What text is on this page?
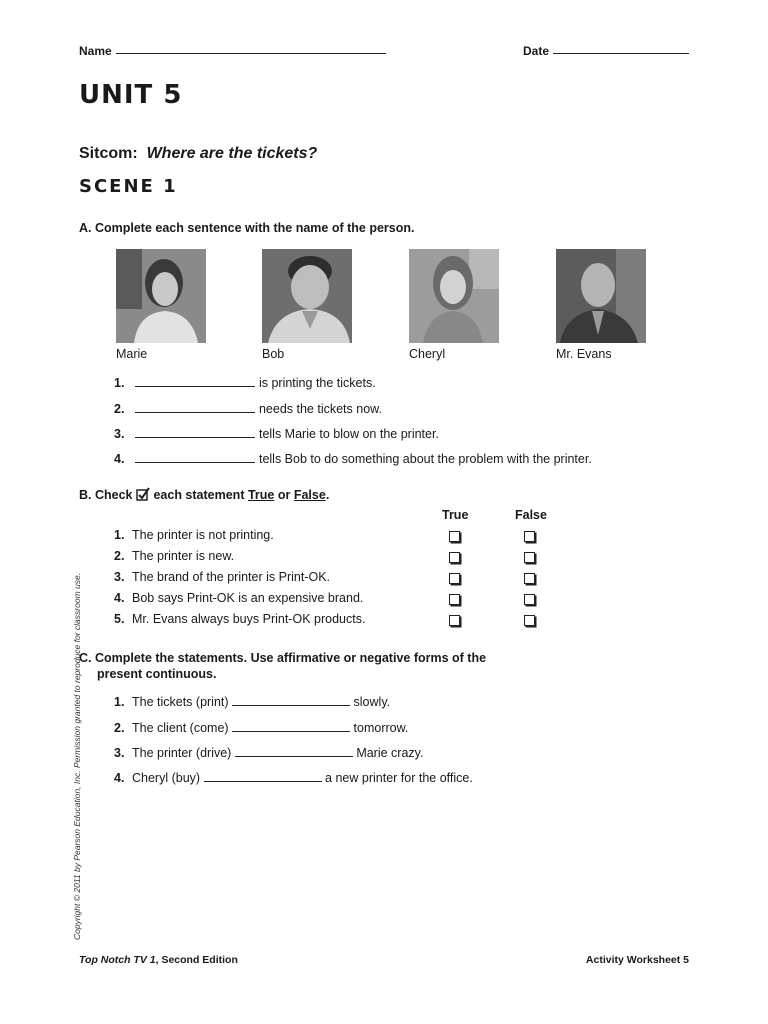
Name	Date
UNIT 5
Sitcom: Where are the tickets?
SCENE 1
A. Complete each sentence with the name of the person.
Marie	Bob	Cheryl	Mr. Evans
1.	is printing the tickets.
2.	needs the tickets now.
3.	tells Marie to blow on the printer.
4.	tells Bob to do something about the problem with the printer.
B. Check each statement True or False.
True	False
1. The printer is not printing.
2. The printer is new.
3. The brand of the printer is Print-OK.
4. Bob says Print-OK is an expensive brand.
5. Mr. Evans always buys Print-OK products.
C. Complete the statements. Use affirmative or negative forms of the
present continuous.
1. The tickets (print)	slowly.
2. The client (come)	tomorrow.
3. The printer (drive)	Marie crazy.
4. Cheryl (buy)	a new printer for the office.
Copyright © 2011 by Pearson Education, Inc. Permission granted to reproduce for classroom use.
Top Notch TV 1, Second Edition	Activity Worksheet 5
